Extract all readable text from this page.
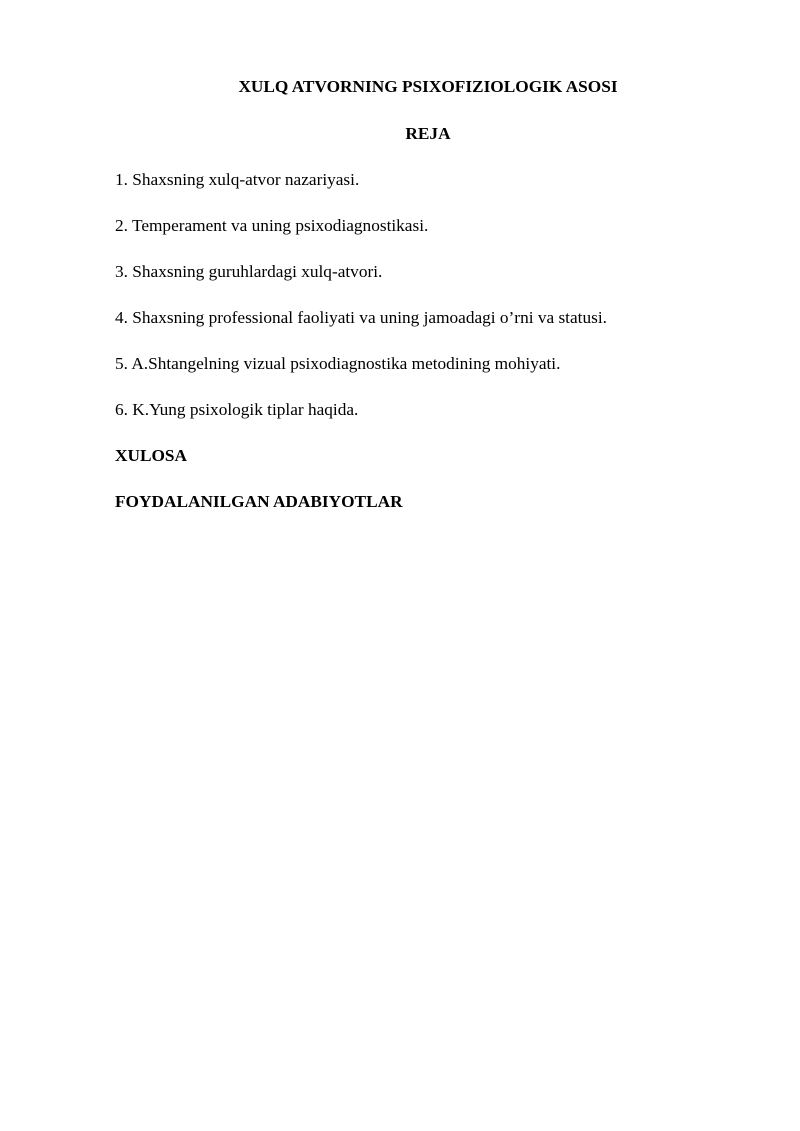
XULQ ATVORNING PSIXOFIZIOLOGIK ASOSI
REJA
1. Shaxsning xulq-atvor nazariyasi.
2. Temperament va uning psixodiagnostikasi.
3. Shaxsning guruhlardagi xulq-atvori.
4. Shaxsning professional faoliyati va uning jamoadagi o’rni va statusi.
5. A.Shtangelning vizual psixodiagnostika metodining mohiyati.
6. K.Yung psixologik tiplar haqida.
XULOSA
FOYDALANILGAN ADABIYOTLAR
